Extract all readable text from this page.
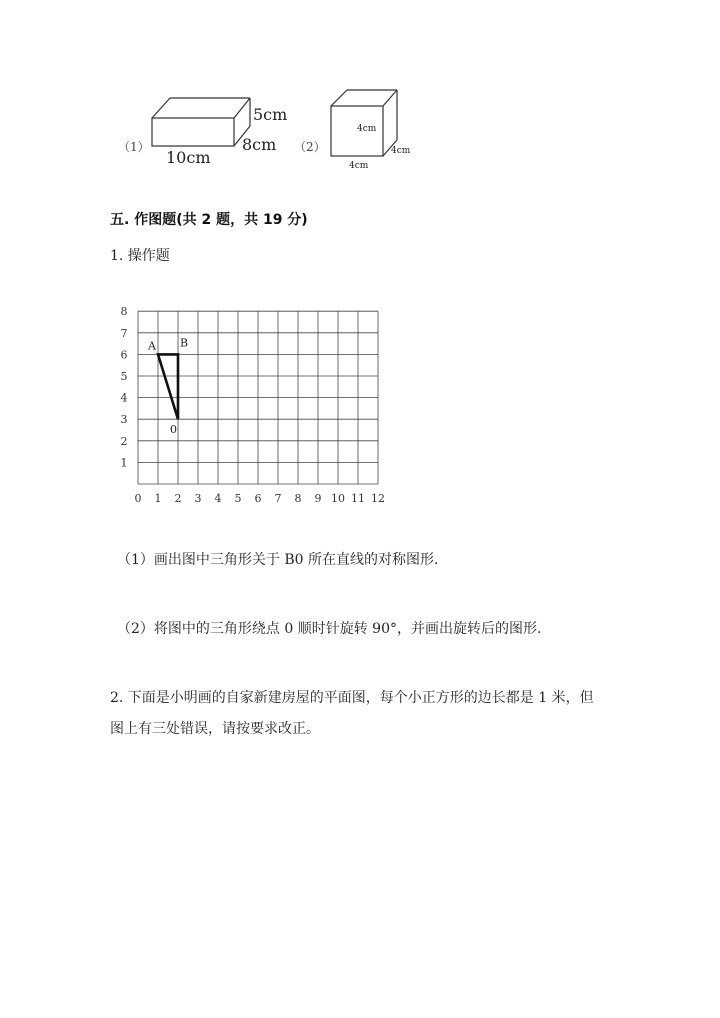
（1）
5cm
8cm
10cm
（2）
4cm
4cm
4cm
五. 作图题(共 2 题，共 19 分)
1. 操作题
0 1 2 3 4 5 6 7 8 9 10 11 12
1
2
3
4
5
6
7
8
A B
0
（1）画出图中三角形关于 B0 所在直线的对称图形.
（2）将图中的三角形绕点 0 顺时针旋转 90°，并画出旋转后的图形.
2. 下面是小明画的自家新建房屋的平面图，每个小正方形的边长都是 1 米，但
图上有三处错误，请按要求改正。
